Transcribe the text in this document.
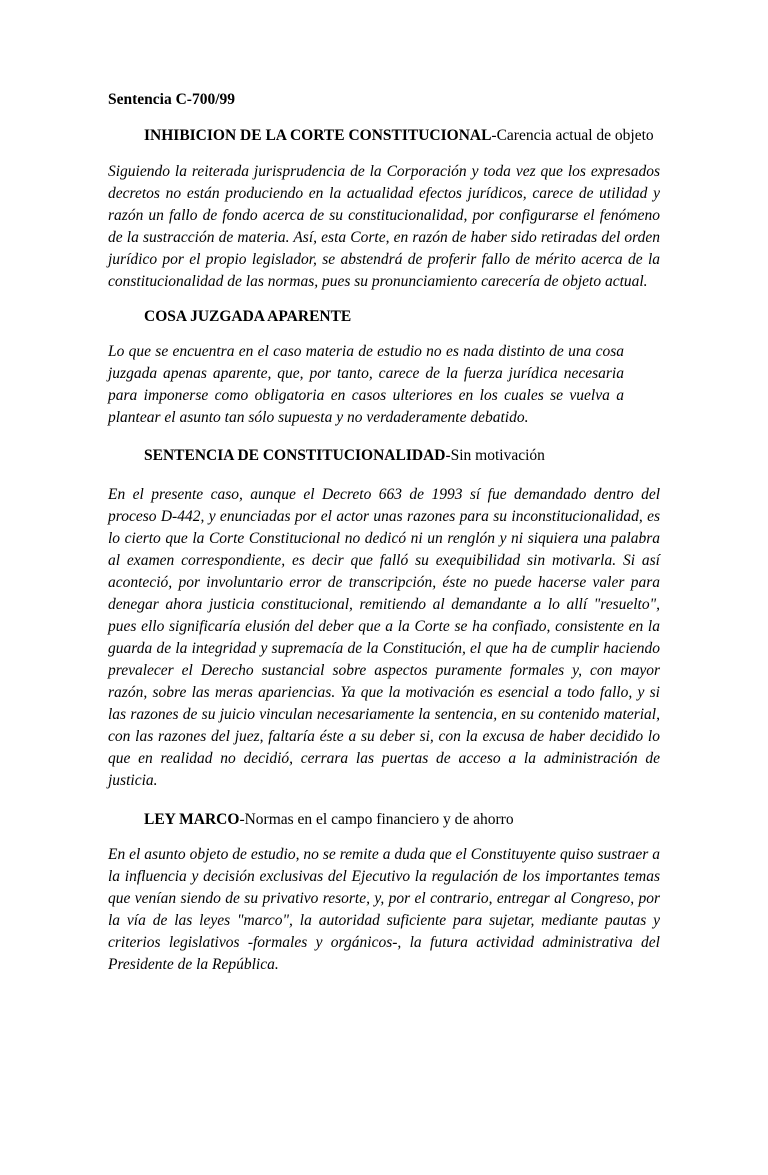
Sentencia C-700/99

INHIBICION DE LA CORTE CONSTITUCIONAL-Carencia actual de objeto

Siguiendo la reiterada jurisprudencia de la Corporación y toda vez que los expresados decretos no están produciendo en la actualidad efectos jurídicos, carece de utilidad y razón un fallo de fondo acerca de su constitucionalidad, por configurarse el fenómeno de la sustracción de materia. Así, esta Corte, en razón de haber sido retiradas del orden jurídico por el propio legislador, se abstendrá de proferir fallo de mérito acerca de la constitucionalidad de las normas, pues su pronunciamiento carecería de objeto actual.

COSA JUZGADA APARENTE

Lo que se encuentra en el caso materia de estudio no es nada distinto de una cosa juzgada apenas aparente, que, por tanto, carece de la fuerza jurídica necesaria para imponerse como obligatoria en casos ulteriores en los cuales se vuelva a plantear el asunto tan sólo supuesta y no verdaderamente debatido.

SENTENCIA DE CONSTITUCIONALIDAD-Sin motivación

En el presente caso, aunque el Decreto 663 de 1993 sí fue demandado dentro del proceso D-442, y enunciadas por el actor unas razones para su inconstitucionalidad, es lo cierto que la Corte Constitucional no dedicó ni un renglón y ni siquiera una palabra al examen correspondiente, es decir que falló su exequibilidad sin motivarla. Si así aconteció, por involuntario error de transcripción, éste no puede hacerse valer para denegar ahora justicia constitucional, remitiendo al demandante a lo allí "resuelto", pues ello significaría elusión del deber que a la Corte se ha confiado, consistente en la guarda de la integridad y supremacía de la Constitución, el que ha de cumplir haciendo prevalecer el Derecho sustancial sobre aspectos puramente formales y, con mayor razón, sobre las meras apariencias. Ya que la motivación es esencial a todo fallo, y si las razones de su juicio vinculan necesariamente la sentencia, en su contenido material, con las razones del juez, faltaría éste a su deber si, con la excusa de haber decidido lo que en realidad no decidió, cerrara las puertas de acceso a la administración de justicia.

LEY MARCO-Normas en el campo financiero y de ahorro

En el asunto objeto de estudio, no se remite a duda que el Constituyente quiso sustraer a la influencia y decisión exclusivas del Ejecutivo la regulación de los importantes temas que venían siendo de su privativo resorte, y, por el contrario, entregar al Congreso, por la vía de las leyes "marco", la autoridad suficiente para sujetar, mediante pautas y criterios legislativos -formales y orgánicos-, la futura actividad administrativa del Presidente de la República.
